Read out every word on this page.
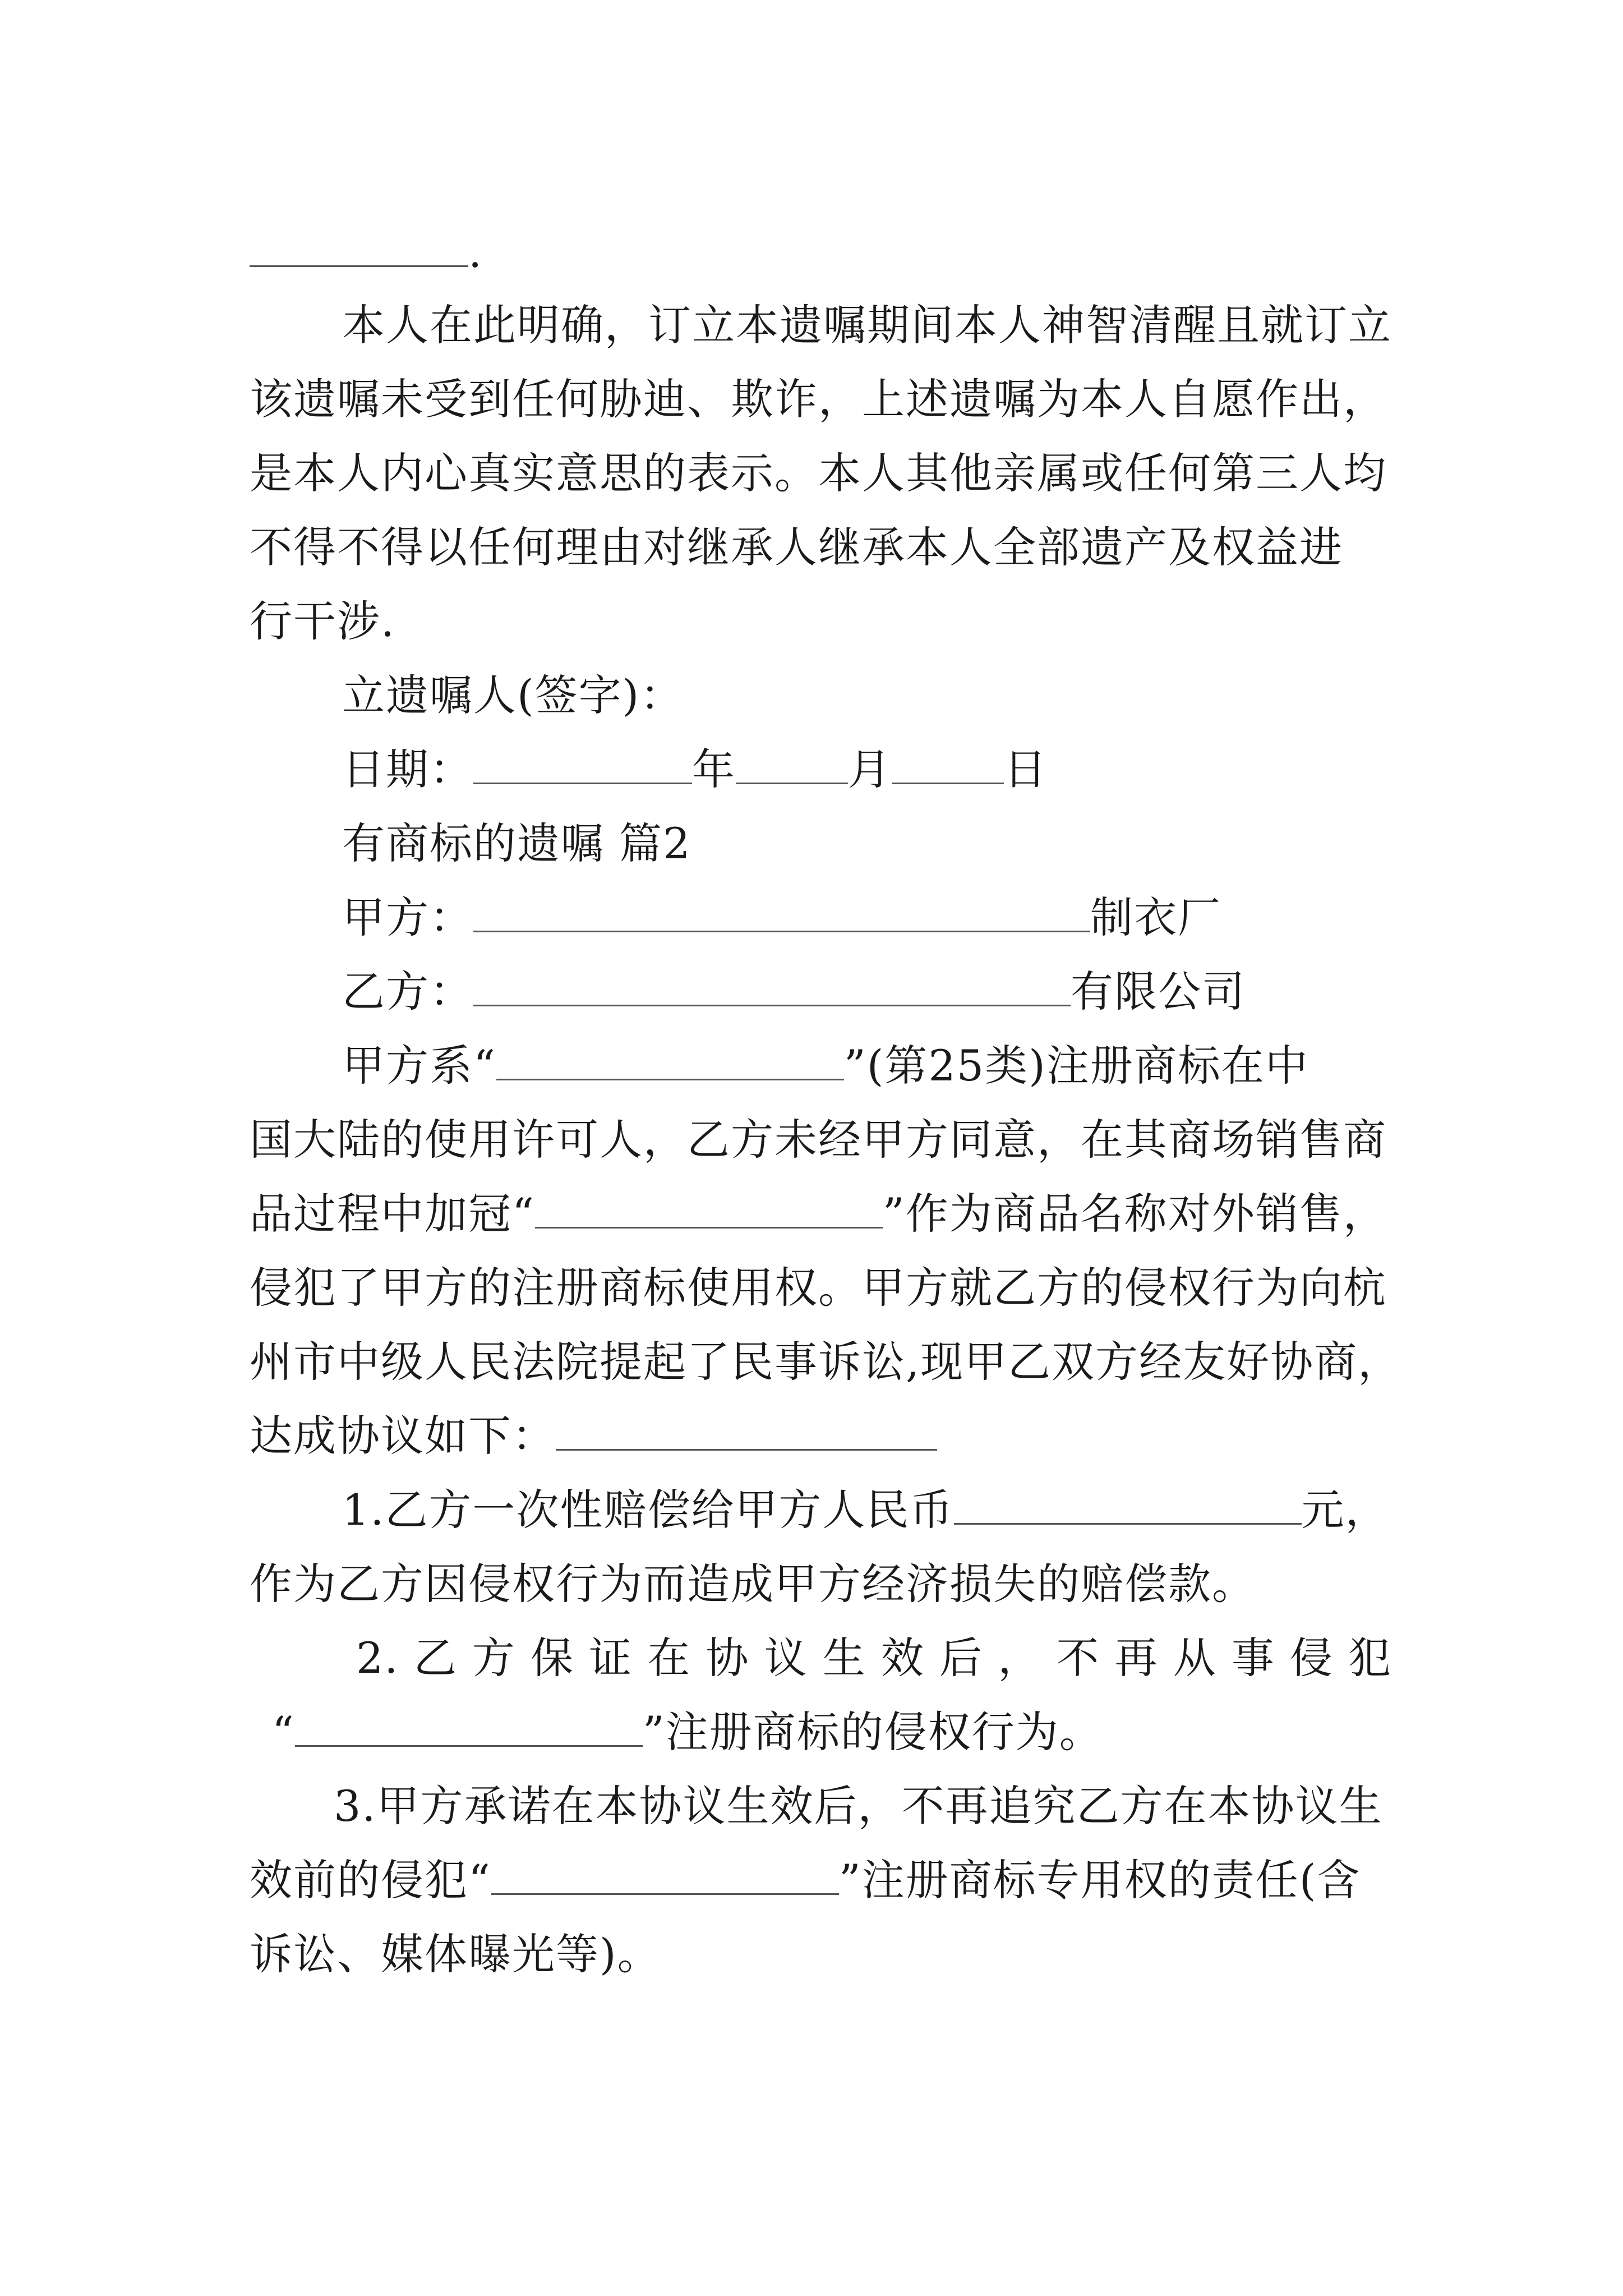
.
本人在此明确，订立本遗嘱期间本人神智清醒且就订立
该遗嘱未受到任何胁迪、欺诈，上述遗嘱为本人自愿作出，
是本人内心真实意思的表示。本人其他亲属或任何第三人均
不得不得以任何理由对继承人继承本人全部遗产及权益进
行干涉.
立遗嘱人(签字)：
日期：	年	月	日
有商标的遗嘱 篇2
甲方：	制衣厂
乙方：	有限公司
甲方系“	”(第25类)注册商标在中
国大陆的使用许可人，乙方未经甲方同意，在其商场销售商
品过程中加冠“	”作为商品名称对外销售，
侵犯了甲方的注册商标使用权。甲方就乙方的侵权行为向杭
州市中级人民法院提起了民事诉讼,现甲乙双方经友好协商，
达成协议如下：
1.乙方一次性赔偿给甲方人民币	元，
作为乙方因侵权行为而造成甲方经济损失的赔偿款。
2. 乙 方 保 证 在 协 议 生 效 后 ， 不 再 从 事 侵 犯
“	”注册商标的侵权行为。
3.甲方承诺在本协议生效后，不再追究乙方在本协议生
效前的侵犯“	”注册商标专用权的责任(含
诉讼、媒体曝光等)。
